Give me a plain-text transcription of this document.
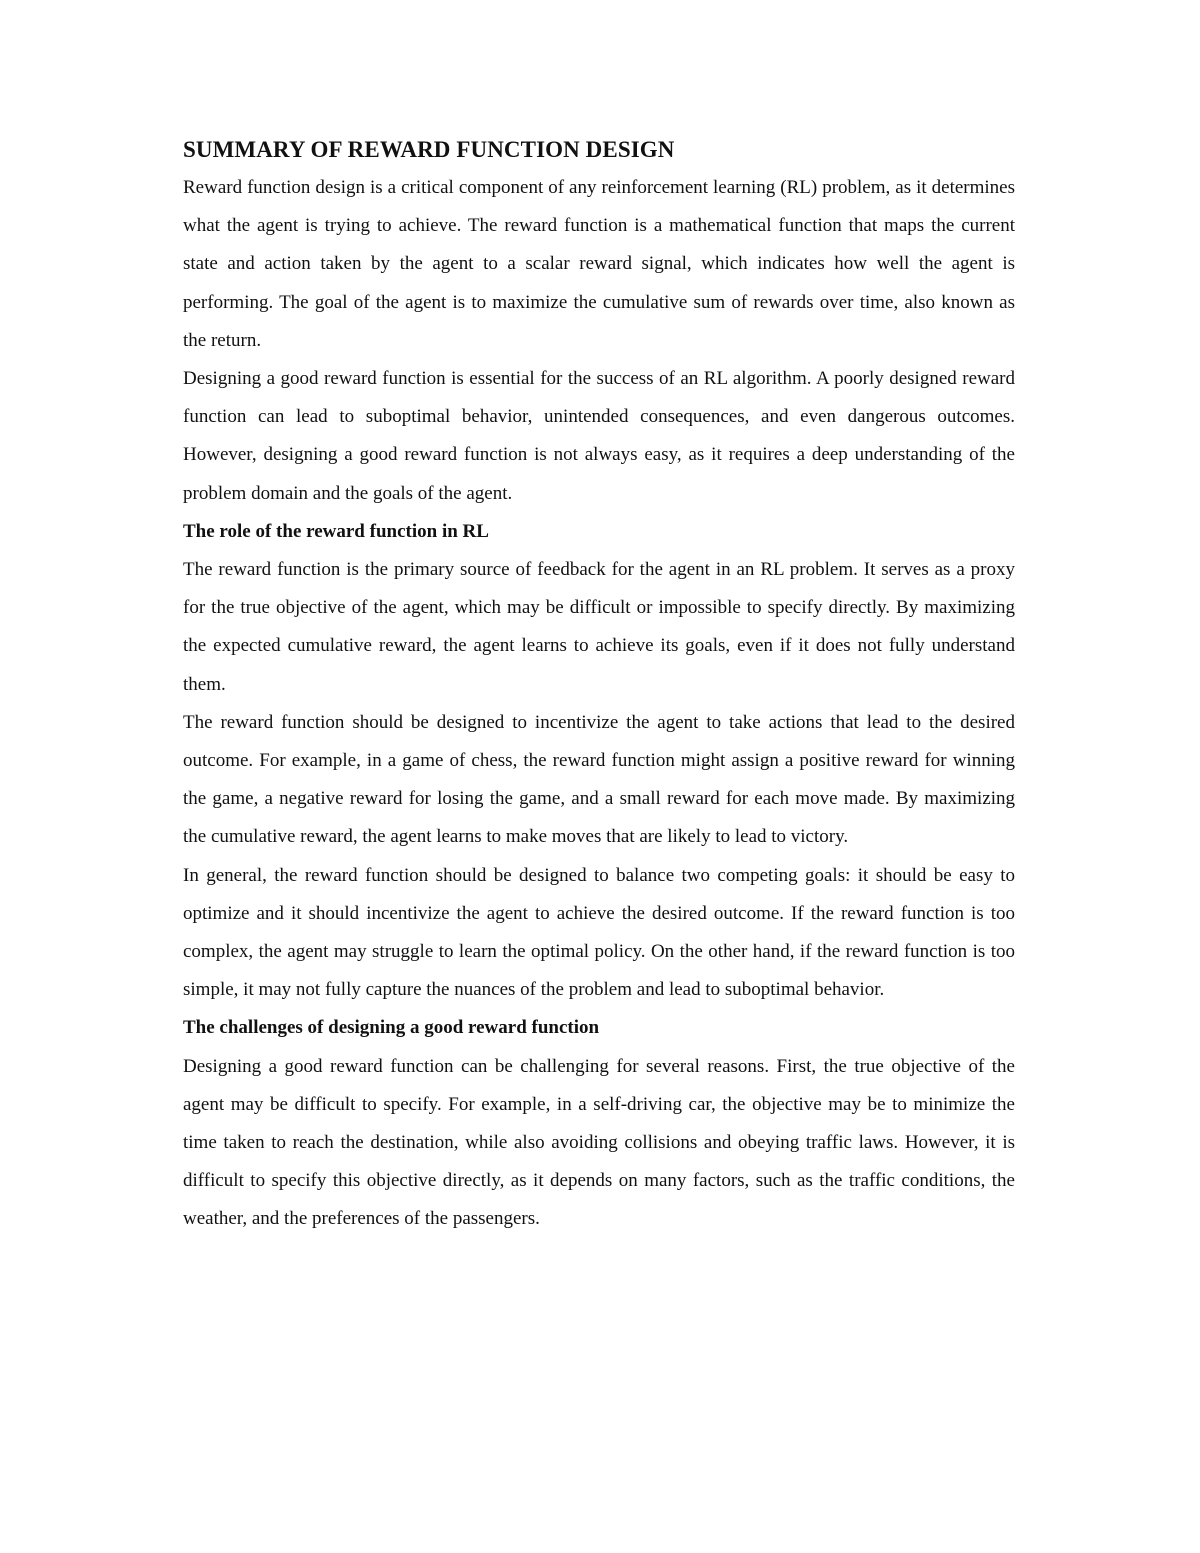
SUMMARY OF REWARD FUNCTION DESIGN

Reward function design is a critical component of any reinforcement learning (RL) problem, as it determines what the agent is trying to achieve. The reward function is a mathematical function that maps the current state and action taken by the agent to a scalar reward signal, which indicates how well the agent is performing. The goal of the agent is to maximize the cumulative sum of rewards over time, also known as the return.

Designing a good reward function is essential for the success of an RL algorithm. A poorly designed reward function can lead to suboptimal behavior, unintended consequences, and even dangerous outcomes. However, designing a good reward function is not always easy, as it requires a deep understanding of the problem domain and the goals of the agent.

The role of the reward function in RL

The reward function is the primary source of feedback for the agent in an RL problem. It serves as a proxy for the true objective of the agent, which may be difficult or impossible to specify directly. By maximizing the expected cumulative reward, the agent learns to achieve its goals, even if it does not fully understand them.

The reward function should be designed to incentivize the agent to take actions that lead to the desired outcome. For example, in a game of chess, the reward function might assign a positive reward for winning the game, a negative reward for losing the game, and a small reward for each move made. By maximizing the cumulative reward, the agent learns to make moves that are likely to lead to victory.

In general, the reward function should be designed to balance two competing goals: it should be easy to optimize and it should incentivize the agent to achieve the desired outcome. If the reward function is too complex, the agent may struggle to learn the optimal policy. On the other hand, if the reward function is too simple, it may not fully capture the nuances of the problem and lead to suboptimal behavior.

The challenges of designing a good reward function

Designing a good reward function can be challenging for several reasons. First, the true objective of the agent may be difficult to specify. For example, in a self-driving car, the objective may be to minimize the time taken to reach the destination, while also avoiding collisions and obeying traffic laws. However, it is difficult to specify this objective directly, as it depends on many factors, such as the traffic conditions, the weather, and the preferences of the passengers.
